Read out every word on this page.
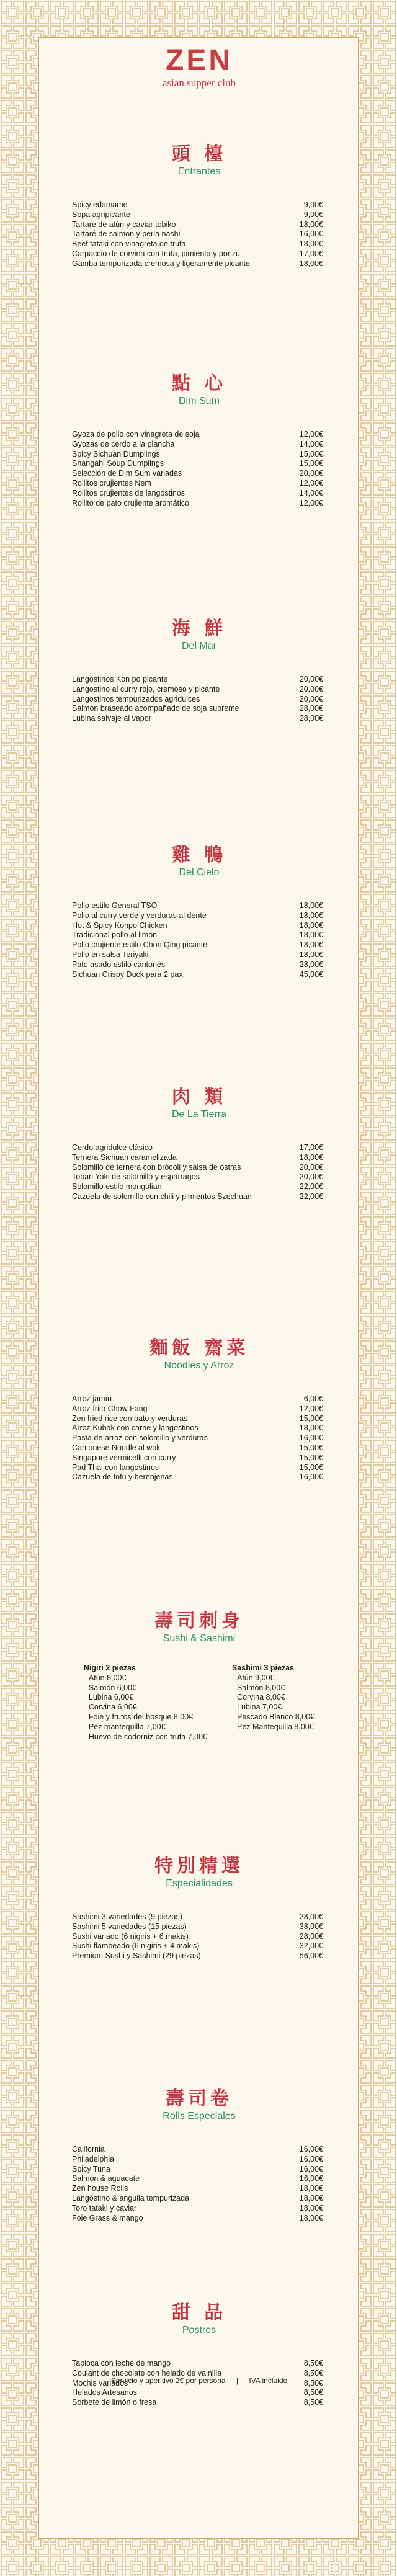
ZEN
asian supper club
頭 檯
Entrantes
Spicy edamame	9,00€
Sopa agripicante	9,00€
Tartare de atún y caviar tobiko	18,00€
Tartaré de salmon y perla nashi	16,00€
Beef tataki con vinagreta de trufa	18,00€
Carpaccio de corvina con trufa, pimienta y ponzu	17,00€
Gamba tempurizada cremosa y ligeramente picante	18,00€
點 心
Dim Sum
Gyoza de pollo con vinagreta de soja	12,00€
Gyozas de cerdo a la plancha	14,00€
Spicy Sichuan Dumplings	15,00€
Shangahi Soup Dumplings	15,00€
Selección de Dim Sum variadas	20,00€
Rollitos crujientes Nem	12,00€
Rollitos crujientes de langostinos	14,00€
Rollito de pato crujiente aromático	12,00€
海 鮮
Del Mar
Langostinos Kon po picante	20,00€
Langostino al curry rojo, cremoso y picante	20,00€
Langostinos tempurizados agridulces	20,00€
Salmón braseado acompañado de soja supreme	28,00€
Lubina salvaje al vapor	28,00€
雞 鴨
Del Cielo
Pollo estilo General TSO	18,00€
Pollo al curry verde y verduras al dente	18,00€
Hot & Spicy Konpo Chicken	18,00€
Tradicional pollo al limón	18,00€
Pollo crujiente estilo Chon Qing picante	18,00€
Pollo en salsa Teriyaki	18,00€
Pato asado estilo cantonés	28,00€
Sichuan Crispy Duck para 2 pax.	45,00€
肉 類
De La Tierra
Cerdo agridulce clásico	17,00€
Ternera Sichuan caramelizada	18,00€
Solomillo de ternera con brócoli y salsa de ostras	20,00€
Toban Yaki de solomillo y espárragos	20,00€
Solomillo estilo mongolian	22,00€
Cazuela de solomillo con chili y pimientos Szechuan	22,00€
麵飯 齋菜
Noodles y Arroz
Arroz jamín	6,00€
Arroz frito Chow Fang	12,00€
Zen fried rice con pato y verduras	15,00€
Arroz Kubak con carne y langostinos	18,00€
Pasta de arroz con solomillo y verduras	16,00€
Cantonese Noodle al wok	15,00€
Singapore vermicelli con curry	15,00€
Pad Thai con langostinos	15,00€
Cazuela de tofu y berenjenas	16,00€
壽司刺身
Sushi & Sashimi
Nigiri 2 piezas
Atún 8,00€
Salmón 6,00€
Lubina 6,00€
Corvina 6,00€
Foie y frutos del bosque 8,00€
Pez mantequilla 7,00€
Huevo de codorniz con trufa 7,00€
Sashimi 3 piezas
Atún 9,00€
Salmón 8,00€
Corvina 8,00€
Lubina 7,00€
Pescado Blanco 8,00€
Pez Mantequilla 8,00€
特別精選
Especialidades
Sashimi 3 variedades (9 piezas)	28,00€
Sashimi 5 variedades (15 piezas)	38,00€
Sushi variado (6 nigiris + 6 makis)	28,00€
Sushi flambeado (6 nigiris + 4 makis)	32,00€
Premium Sushi y Sashimi (29 piezas)	56,00€
壽司卷
Rolls Especiales
California	16,00€
Philadelphia	16,00€
Spicy Tuna	16,00€
Salmón & aguacate	16,00€
Zen house Rolls	18,00€
Langostino & anguila tempurizada	18,00€
Toro tataki y caviar	18,00€
Foie Grass & mango	18,00€
甜 品
Postres
Tapioca con leche de mango	8,50€
Coulant de chocolate con helado de vainilla	8,50€
Mochis variados	8,50€
Helados Artesanos	8,50€
Sorbete de limón o fresa	8,50€
Servicio y aperitivo 2€ por persona | IVA incluido
